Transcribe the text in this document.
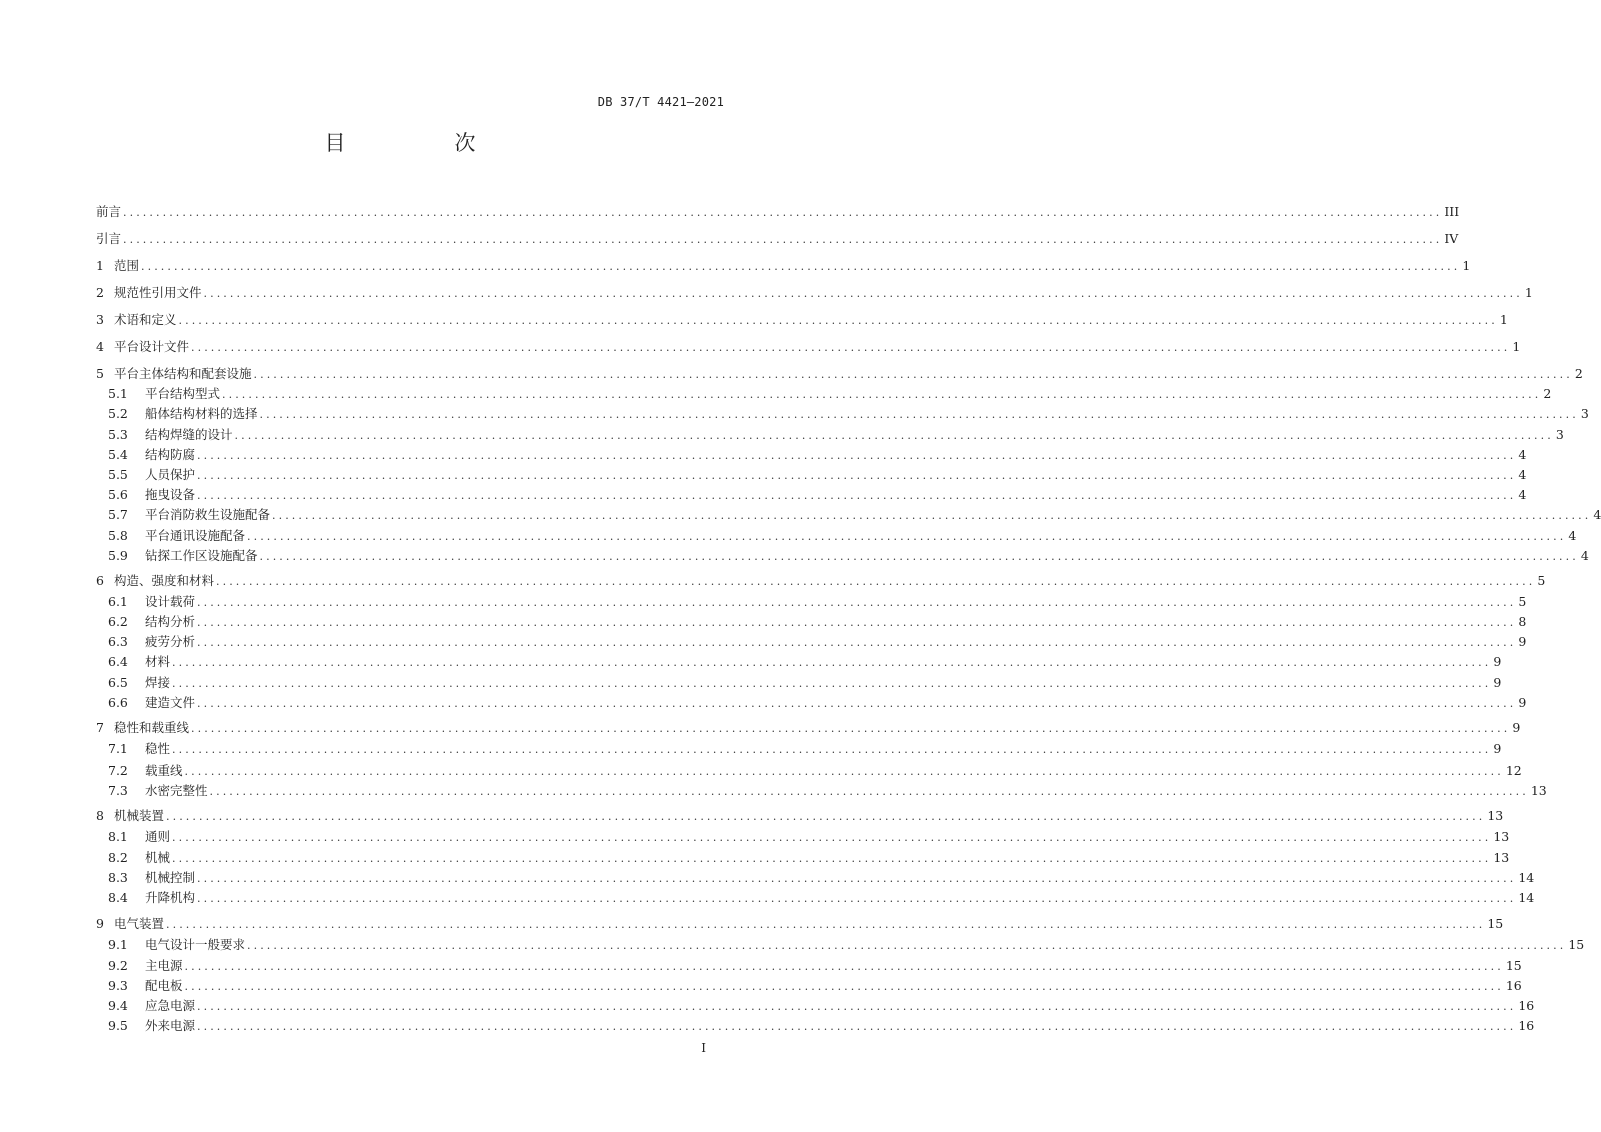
DB 37/T 4421—2021
目　次
前言 ........................................................................................................................................................................................................ III
引言 ........................................................................................................................................................................................................ IV
1 范围 ........................................................................................................................................................................................................ 1
2 规范性引用文件 ........................................................................................................................................................................................................ 1
3 术语和定义 ........................................................................................................................................................................................................ 1
4 平台设计文件 ........................................................................................................................................................................................................ 1
5 平台主体结构和配套设施 ........................................................................................................................................................................................................ 2
5.1	平台结构型式 ........................................................................................................................................................................................................ 2
5.2	船体结构材料的选择 ........................................................................................................................................................................................................ 3
5.3	结构焊缝的设计 ........................................................................................................................................................................................................ 3
5.4	结构防腐 ........................................................................................................................................................................................................ 4
5.5	人员保护 ........................................................................................................................................................................................................ 4
5.6	拖曳设备 ........................................................................................................................................................................................................ 4
5.7	平台消防救生设施配备 ........................................................................................................................................................................................................ 4
5.8	平台通讯设施配备 ........................................................................................................................................................................................................ 4
5.9	钻探工作区设施配备 ........................................................................................................................................................................................................ 4
6 构造、强度和材料 ........................................................................................................................................................................................................ 5
6.1	设计载荷 ........................................................................................................................................................................................................ 5
6.2	结构分析 ........................................................................................................................................................................................................ 8
6.3	疲劳分析 ........................................................................................................................................................................................................ 9
6.4	材料 ........................................................................................................................................................................................................ 9
6.5	焊接 ........................................................................................................................................................................................................ 9
6.6	建造文件 ........................................................................................................................................................................................................ 9
7 稳性和载重线 ........................................................................................................................................................................................................ 9
7.1	稳性 ........................................................................................................................................................................................................ 9
7.2	载重线 ........................................................................................................................................................................................................ 12
7.3	水密完整性 ........................................................................................................................................................................................................ 13
8 机械装置 ........................................................................................................................................................................................................ 13
8.1	通则 ........................................................................................................................................................................................................ 13
8.2	机械 ........................................................................................................................................................................................................ 13
8.3	机械控制 ........................................................................................................................................................................................................ 14
8.4	升降机构 ........................................................................................................................................................................................................ 14
9 电气装置 ........................................................................................................................................................................................................ 15
9.1	电气设计一般要求 ........................................................................................................................................................................................................ 15
9.2	主电源 ........................................................................................................................................................................................................ 15
9.3	配电板 ........................................................................................................................................................................................................ 16
9.4	应急电源 ........................................................................................................................................................................................................ 16
9.5	外来电源 ........................................................................................................................................................................................................ 16
I
